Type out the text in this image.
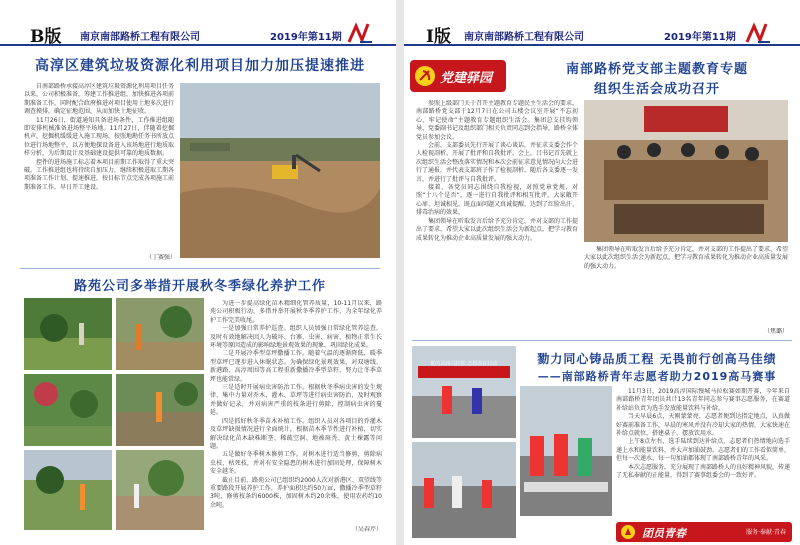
B版 南京南部路桥工程有限公司	2019年第11期
高淳区建筑垃圾资源化利用项目加力加压提速推进

自南部路桥承接高淳区建筑垃圾资源化利用项目任务以来，公司积极准备，筹建工作推进组，加快推进各项前期准备工作，同时配合政府推进对项目使用土地多次进行调查摸排，确定征地范围，从而加快土地征收。

11月26日，街道通知具备进场条件，工作推进组随即安排机械准备进场整平场地。11月27日，伴随着挖掘机声，挖掘机缓缓进入施工现场，按照地勘任务书所放点位进行场地整平，以方便地探设备进入该场地进行地质取样分析，为后期设计及基础建设提供可靠的地质数据。

控件的进场施工标志着本项目前期工作取得了重大突破，工作推进组也将持续自加压力，继续积极进取工期各项准备工作计划、提速推进，按目标节点完成各项施工前期准备工作，早日开工建设。

（丁赛强）
路苑公司多举措开展秋冬季绿化养护工作

为进一步提高绿化苗木精细化管养质量，10-11月以来，路苑公司积极行动，多措并举开展秋冬季养护工作，为全年绿化养护工作完美收尾。

一是加强日常养护巡查。组织人员加强日常绿化管养巡查，及时有效地解决因人为破坏、台寨、虫害、病害、植物正常生长环境等原因造成的影响绿地景观效果的现象，巩固绿化成果。

二是开展冷季型草坪撒播工作。随着气温的逐渐降低，暖季型草坪已逐步进入休眠状态。为确保绿化景观效果，对双塘线、新港路、高淳周围等高工程重新撒播冷季型草籽，努力让冬季草坪也能常绿。

三是适时开展病虫害防治工作。根据秋冬季病虫害的发生规律，集中力量对乔木、灌木、草坪等进行病虫害防治，及时观察并做好记录，并对病害严重的枝条进行剪除，控制病虫害的蔓延。

四是抓好秋冬季苗木补植工作。组织人员对各项目的乔灌木及草坪缺损情况进行全面统计，根据苗木季节性进行补植，切实解决绿化苗木缺株断垄、稀疏空洞、地被斑秃、黄土裸露等问题。

五是做好冬季树木修剪工作。对树木进行适当修剪，剪除病虫枝、枯死枝，并对有安全隐患的树木进行加固处理，保障树木安全越冬。

截止目前，路苑公司已组织约2000人次对新港区、双望线等重要路段开展养护工作，养护面积达约50万㎡，撒播冷季型草籽3吨，修剪枝条约6000株，加固树木约20余株，使用农药约10余吨。

（吴春芹）
I版 南京南部路桥工程有限公司	2019年第11期
党建驿园
南部路桥党支部主题教育专题
组织生活会成功召开

参照上级部门关于召开主题教育专题民主生活会的要求，南部路桥党支部于12月7日在公司五楼会议室开展“不忘初心、牢记使命”主题教育专题组织生活会。集团总支挂钩领导、党委副书记及组织部门相关负责同志到会指导，路桥全体党员参加会议。

会前，支部委员先行开展了谈心谈话，并征求支委会作个人检视剖析，开展了批评和自我批评。会上，吕书记首先就上次组织生活会整改落实情况和本次会前征求意见情况向大会进行了通报，并代表支部班子作了检视剖析，随后各支委逐一发言，并进行了批评与自我批评。

接着，各党员同志围绕自我检视，对照党章党规，对照“十八个是否”，逐一进行自我批评和相互批评，大家敞开心扉、坦诚相见，既直面问题又真诚提醒，达到了红脸出汗、排毒治病的效果。

集团领导在听取发言后给予充分肯定，并对支部的工作提出了要求，希望大家以此次组织生活会为新起点，把学习教育成果转化为推动企业高质量发展的强大动力。

集团领导在听取发言后给予充分肯定，并对支部的工作提出了要求，希望大家以此次组织生活会为新起点，把学习教育成果转化为推动企业高质量发展的强大动力。

（焦璐）
勠力同心铸品质工程 无畏前行创高马佳绩
——南部路桥青年志愿者助力2019高马赛事
助力高淳马拉松 志愿者在行动

11月3日，2019高淳国际慢城马拉松赛如期开赛，今年来自南部路桥青年团员共计13名青年同志参与赛事志愿服务，在赛道补给站负责为选手发放能量饮料与补给。

当天早晨6点，天刚蒙蒙亮，志愿者便到达指定地点，认真做好赛前准备工作，早晨的寒风并没有冷却大家的热情，大家快速在补给点就位，搭建桌子、摆放饮用水。

上午8点左右，选手陆续到达补给点，志愿者们热情地向选手递上水和能量饮料，并大声加油鼓劲。志愿者们的工作看似简单，但每一次递水、每一句加油都体现了南部路桥青年的风采。

本次志愿服务，充分展现了南部路桥人的良好精神风貌，传递了无私奉献的正能量，得到了赛事组委会的一致好评。

团员青春	服务·奉献·青春
